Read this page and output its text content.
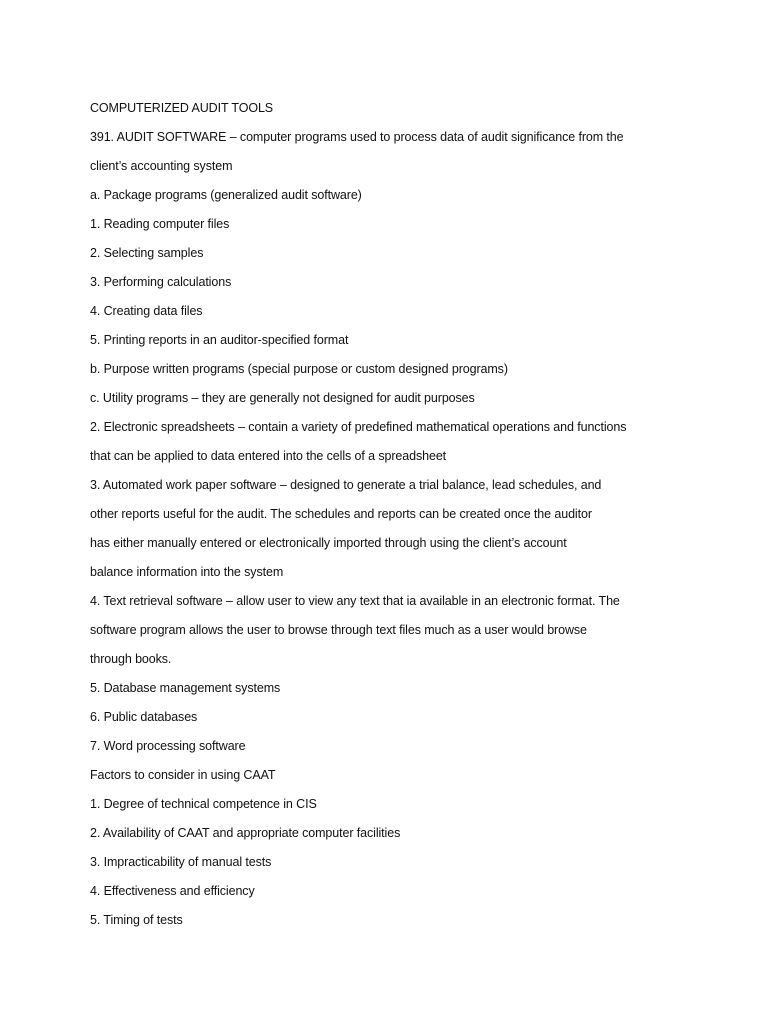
COMPUTERIZED AUDIT TOOLS
391. AUDIT SOFTWARE – computer programs used to process data of audit significance from the
client’s accounting system
a. Package programs (generalized audit software)
1. Reading computer files
2. Selecting samples
3. Performing calculations
4. Creating data files
5. Printing reports in an auditor-specified format
b. Purpose written programs (special purpose or custom designed programs)
c. Utility programs – they are generally not designed for audit purposes
2. Electronic spreadsheets – contain a variety of predefined mathematical operations and functions
that can be applied to data entered into the cells of a spreadsheet
3. Automated work paper software – designed to generate a trial balance, lead schedules, and
other reports useful for the audit. The schedules and reports can be created once the auditor
has either manually entered or electronically imported through using the client’s account
balance information into the system
4. Text retrieval software – allow user to view any text that ia available in an electronic format. The
software program allows the user to browse through text files much as a user would browse
through books.
5. Database management systems
6. Public databases
7. Word processing software
Factors to consider in using CAAT
1. Degree of technical competence in CIS
2. Availability of CAAT and appropriate computer facilities
3. Impracticability of manual tests
4. Effectiveness and efficiency
5. Timing of tests
